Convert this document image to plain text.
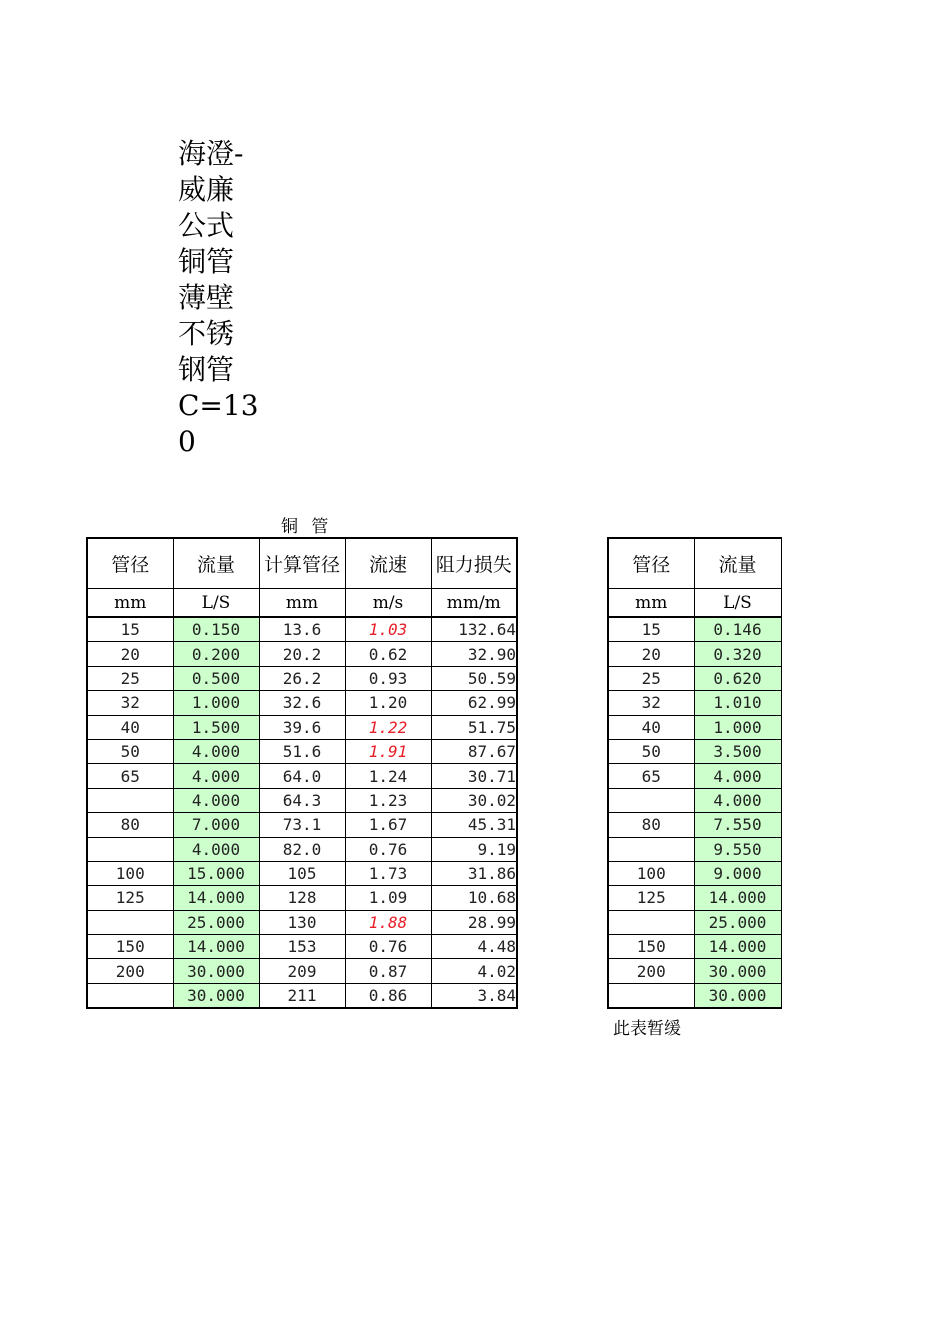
海澄-
威廉
公式
铜管
薄壁
不锈
钢管
C=13
0
铜 管
管径	流量	计算管径	流速	阻力损失
mm	L/S	mm	m/s	mm/m
15	0.150	13.6	1.03	132.64
20	0.200	20.2	0.62	32.90
25	0.500	26.2	0.93	50.59
32	1.000	32.6	1.20	62.99
40	1.500	39.6	1.22	51.75
50	4.000	51.6	1.91	87.67
65	4.000	64.0	1.24	30.71
	4.000	64.3	1.23	30.02
80	7.000	73.1	1.67	45.31
	4.000	82.0	0.76	9.19
100	15.000	105	1.73	31.86
125	14.000	128	1.09	10.68
	25.000	130	1.88	28.99
150	14.000	153	0.76	4.48
200	30.000	209	0.87	4.02
	30.000	211	0.86	3.84
管径	流量
mm	L/S
15	0.146
20	0.320
25	0.620
32	1.010
40	1.000
50	3.500
65	4.000
	4.000
80	7.550
	9.550
100	9.000
125	14.000
	25.000
150	14.000
200	30.000
	30.000
此表暂缓
